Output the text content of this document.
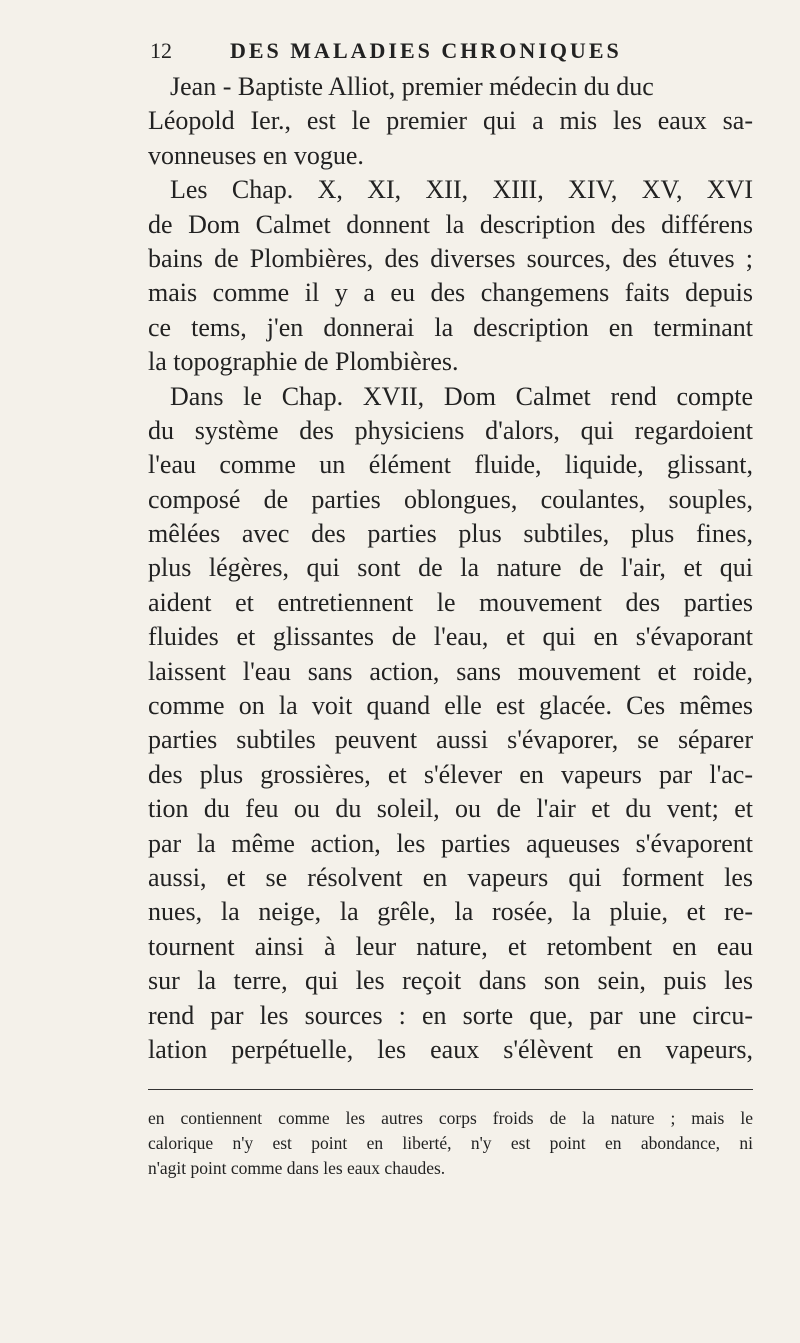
12	DES MALADIES CHRONIQUES
Jean - Baptiste Alliot, premier médecin du duc
Léopold Ier., est le premier qui a mis les eaux sa-
vonneuses en vogue.
Les Chap. X, XI, XII, XIII, XIV, XV, XVI
de Dom Calmet donnent la description des différens
bains de Plombières, des diverses sources, des étuves ;
mais comme il y a eu des changemens faits depuis
ce tems, j'en donnerai la description en terminant
la topographie de Plombières.
Dans le Chap. XVII, Dom Calmet rend compte
du système des physiciens d'alors, qui regardoient
l'eau comme un élément fluide, liquide, glissant,
composé de parties oblongues, coulantes, souples,
mêlées avec des parties plus subtiles, plus fines,
plus légères, qui sont de la nature de l'air, et qui
aident et entretiennent le mouvement des parties
fluides et glissantes de l'eau, et qui en s'évaporant
laissent l'eau sans action, sans mouvement et roide,
comme on la voit quand elle est glacée. Ces mêmes
parties subtiles peuvent aussi s'évaporer, se séparer
des plus grossières, et s'élever en vapeurs par l'ac-
tion du feu ou du soleil, ou de l'air et du vent; et
par la même action, les parties aqueuses s'évaporent
aussi, et se résolvent en vapeurs qui forment les
nues, la neige, la grêle, la rosée, la pluie, et re-
tournent ainsi à leur nature, et retombent en eau
sur la terre, qui les reçoit dans son sein, puis les
rend par les sources : en sorte que, par une circu-
lation perpétuelle, les eaux s'élèvent en vapeurs,
en contiennent comme les autres corps froids de la nature ; mais le
calorique n'y est point en liberté, n'y est point en abondance, ni
n'agit point comme dans les eaux chaudes.
